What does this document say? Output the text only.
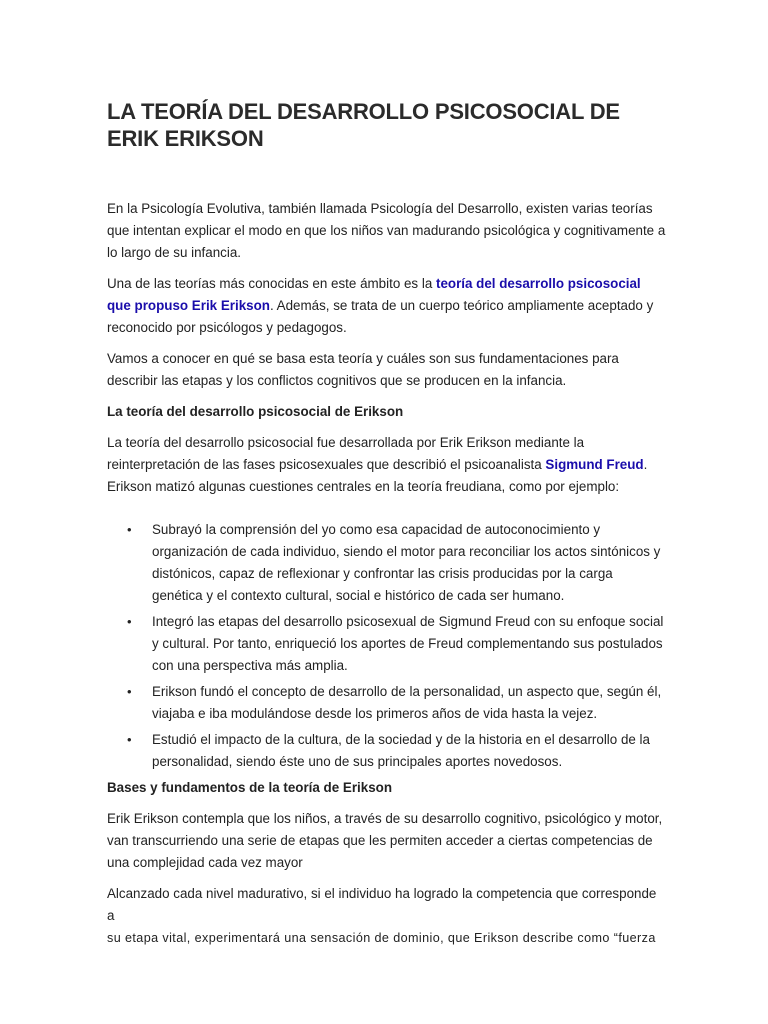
LA TEORÍA DEL DESARROLLO PSICOSOCIAL DE ERIK ERIKSON

En la Psicología Evolutiva, también llamada Psicología del Desarrollo, existen varias teorías que intentan explicar el modo en que los niños van madurando psicológica y cognitivamente a lo largo de su infancia.

Una de las teorías más conocidas en este ámbito es la teoría del desarrollo psicosocial que propuso Erik Erikson. Además, se trata de un cuerpo teórico ampliamente aceptado y reconocido por psicólogos y pedagogos.

Vamos a conocer en qué se basa esta teoría y cuáles son sus fundamentaciones para describir las etapas y los conflictos cognitivos que se producen en la infancia.

La teoría del desarrollo psicosocial de Erikson

La teoría del desarrollo psicosocial fue desarrollada por Erik Erikson mediante la reinterpretación de las fases psicosexuales que describió el psicoanalista Sigmund Freud. Erikson matizó algunas cuestiones centrales en la teoría freudiana, como por ejemplo:

• Subrayó la comprensión del yo como esa capacidad de autoconocimiento y organización de cada individuo, siendo el motor para reconciliar los actos sintónicos y distónicos, capaz de reflexionar y confrontar las crisis producidas por la carga genética y el contexto cultural, social e histórico de cada ser humano.
• Integró las etapas del desarrollo psicosexual de Sigmund Freud con su enfoque social y cultural. Por tanto, enriqueció los aportes de Freud complementando sus postulados con una perspectiva más amplia.
• Erikson fundó el concepto de desarrollo de la personalidad, un aspecto que, según él, viajaba e iba modulándose desde los primeros años de vida hasta la vejez.
• Estudió el impacto de la cultura, de la sociedad y de la historia en el desarrollo de la personalidad, siendo éste uno de sus principales aportes novedosos.

Bases y fundamentos de la teoría de Erikson

Erik Erikson contempla que los niños, a través de su desarrollo cognitivo, psicológico y motor, van transcurriendo una serie de etapas que les permiten acceder a ciertas competencias de una complejidad cada vez mayor

Alcanzado cada nivel madurativo, si el individuo ha logrado la competencia que corresponde a
su etapa vital, experimentará una sensación de dominio, que Erikson describe como “fuerza
